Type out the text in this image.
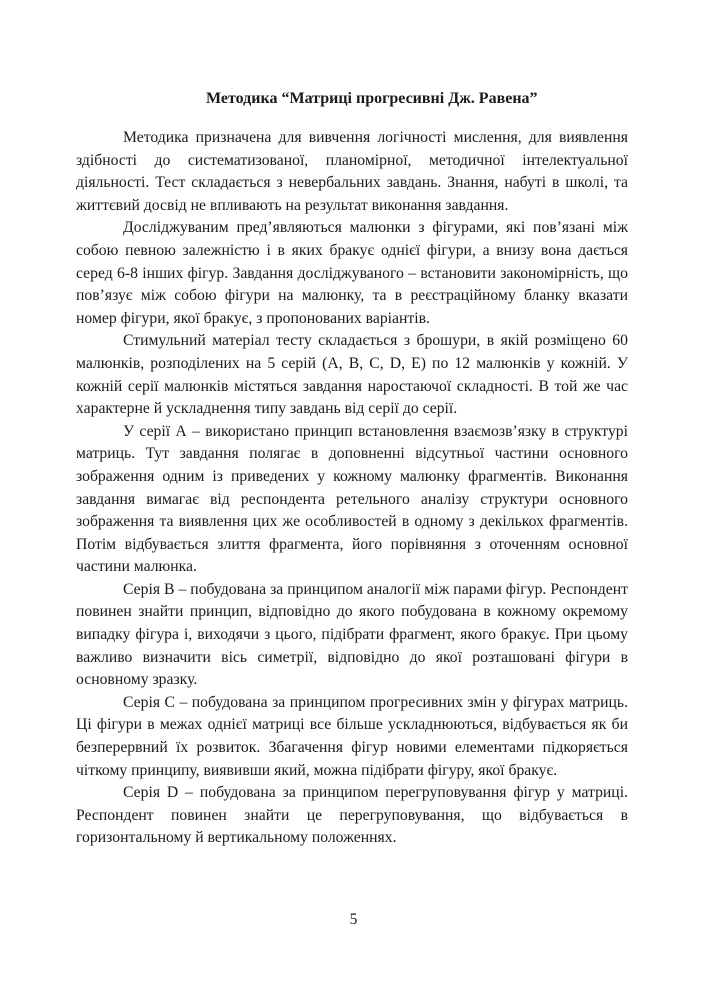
Методика “Матриці прогресивні Дж. Равена”

Методика призначена для вивчення логічності мислення, для виявлення здібності до систематизованої, планомірної, методичної інтелектуальної діяльності. Тест складається з невербальних завдань. Знання, набуті в школі, та життєвий досвід не впливають на результат виконання завдання.

Досліджуваним пред’являються малюнки з фігурами, які пов’язані між собою певною залежністю і в яких бракує однієї фігури, а внизу вона дається серед 6-8 інших фігур. Завдання досліджуваного – встановити закономірність, що пов’язує між собою фігури на малюнку, та в реєстраційному бланку вказати номер фігури, якої бракує, з пропонованих варіантів.

Стимульний матеріал тесту складається з брошури, в якій розміщено 60 малюнків, розподілених на 5 серій (А, В, С, D, Е) по 12 малюнків у кожній. У кожній серії малюнків містяться завдання наростаючої складності. В той же час характерне й ускладнення типу завдань від серії до серії.

У серії А – використано принцип встановлення взаємозв’язку в структурі матриць. Тут завдання полягає в доповненні відсутньої частини основного зображення одним із приведених у кожному малюнку фрагментів. Виконання завдання вимагає від респондента ретельного аналізу структури основного зображення та виявлення цих же особливостей в одному з декількох фрагментів. Потім відбувається злиття фрагмента, його порівняння з оточенням основної частини малюнка.

Серія В – побудована за принципом аналогії між парами фігур. Респондент повинен знайти принцип, відповідно до якого побудована в кожному окремому випадку фігура і, виходячи з цього, підібрати фрагмент, якого бракує. При цьому важливо визначити вісь симетрії, відповідно до якої розташовані фігури в основному зразку.

Серія С – побудована за принципом прогресивних змін у фігурах матриць. Ці фігури в межах однієї матриці все більше ускладнюються, відбувається як би безперервний їх розвиток. Збагачення фігур новими елементами підкоряється чіткому принципу, виявивши який, можна підібрати фігуру, якої бракує.

Серія D – побудована за принципом перегруповування фігур у матриці. Респондент повинен знайти це перегруповування, що відбувається в горизонтальному й вертикальному положеннях.

5
